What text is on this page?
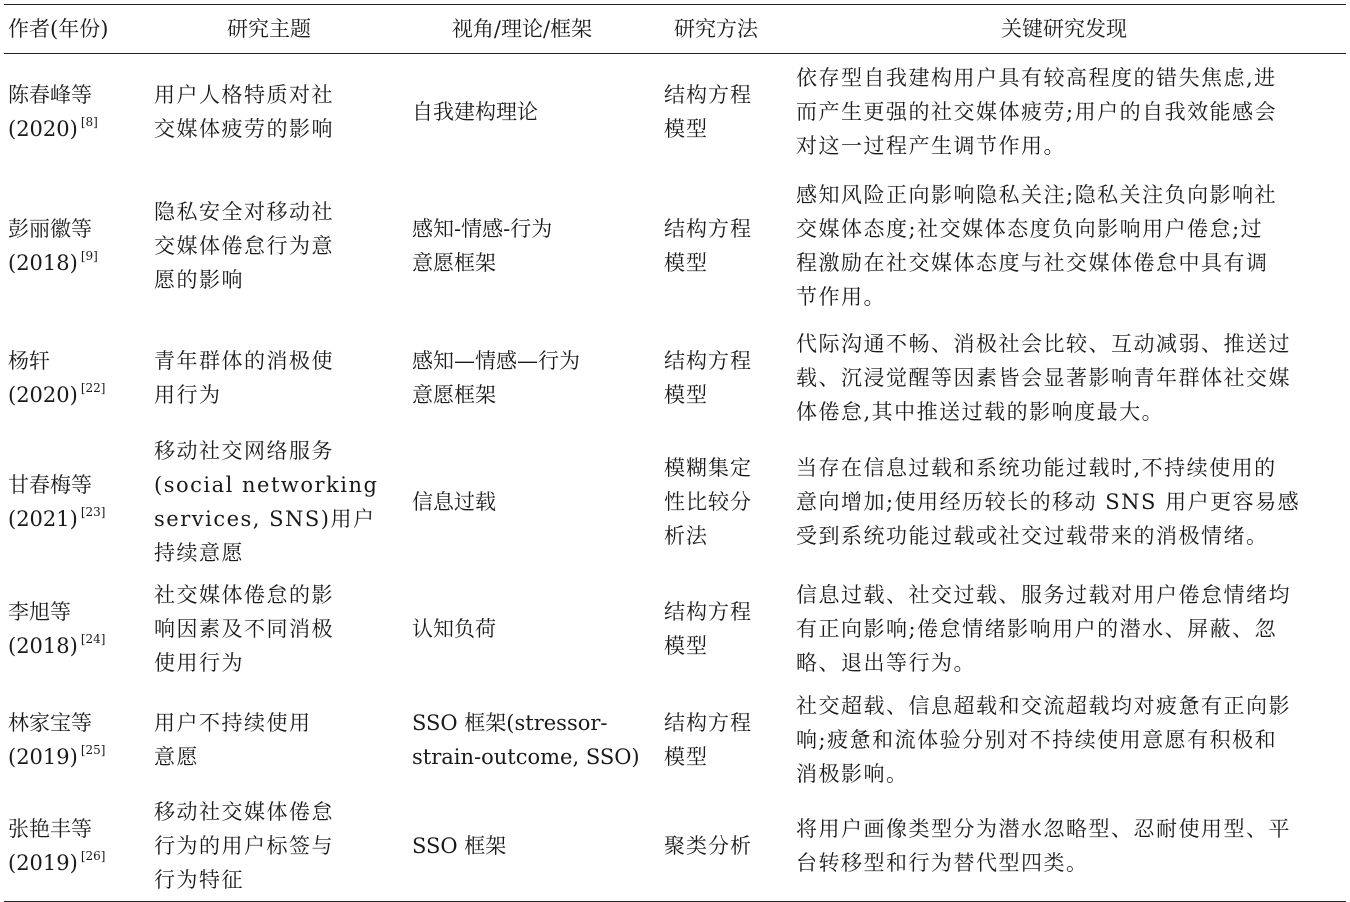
作者(年份)	研究主题	视角/理论/框架	研究方法	关键研究发现

陈春峰等
(2020) [8]	用户人格特质对社
交媒体疲劳的影响	自我建构理论	结构方程
模型	依存型自我建构用户具有较高程度的错失焦虑,进
而产生更强的社交媒体疲劳;用户的自我效能感会
对这一过程产生调节作用。

彭丽徽等
(2018) [9]	隐私安全对移动社
交媒体倦怠行为意
愿的影响	感知-情感-行为
意愿框架	结构方程
模型	感知风险正向影响隐私关注;隐私关注负向影响社
交媒体态度;社交媒体态度负向影响用户倦怠;过
程激励在社交媒体态度与社交媒体倦怠中具有调
节作用。

杨轩
(2020) [22]	青年群体的消极使
用行为	感知—情感—行为
意愿框架	结构方程
模型	代际沟通不畅、消极社会比较、互动减弱、推送过
载、沉浸觉醒等因素皆会显著影响青年群体社交媒
体倦怠,其中推送过载的影响度最大。

甘春梅等
(2021) [23]	移动社交网络服务
(social networking
services, SNS)用户
持续意愿	信息过载	模糊集定
性比较分
析法	当存在信息过载和系统功能过载时,不持续使用的
意向增加;使用经历较长的移动 SNS 用户更容易感
受到系统功能过载或社交过载带来的消极情绪。

李旭等
(2018) [24]	社交媒体倦怠的影
响因素及不同消极
使用行为	认知负荷	结构方程
模型	信息过载、社交过载、服务过载对用户倦怠情绪均
有正向影响;倦怠情绪影响用户的潜水、屏蔽、忽
略、退出等行为。

林家宝等
(2019) [25]	用户不持续使用
意愿	SSO 框架(stressor-
strain-outcome, SSO)	结构方程
模型	社交超载、信息超载和交流超载均对疲惫有正向影
响;疲惫和流体验分别对不持续使用意愿有积极和
消极影响。

张艳丰等
(2019) [26]	移动社交媒体倦怠
行为的用户标签与
行为特征	SSO 框架	聚类分析	将用户画像类型分为潜水忽略型、忍耐使用型、平
台转移型和行为替代型四类。
